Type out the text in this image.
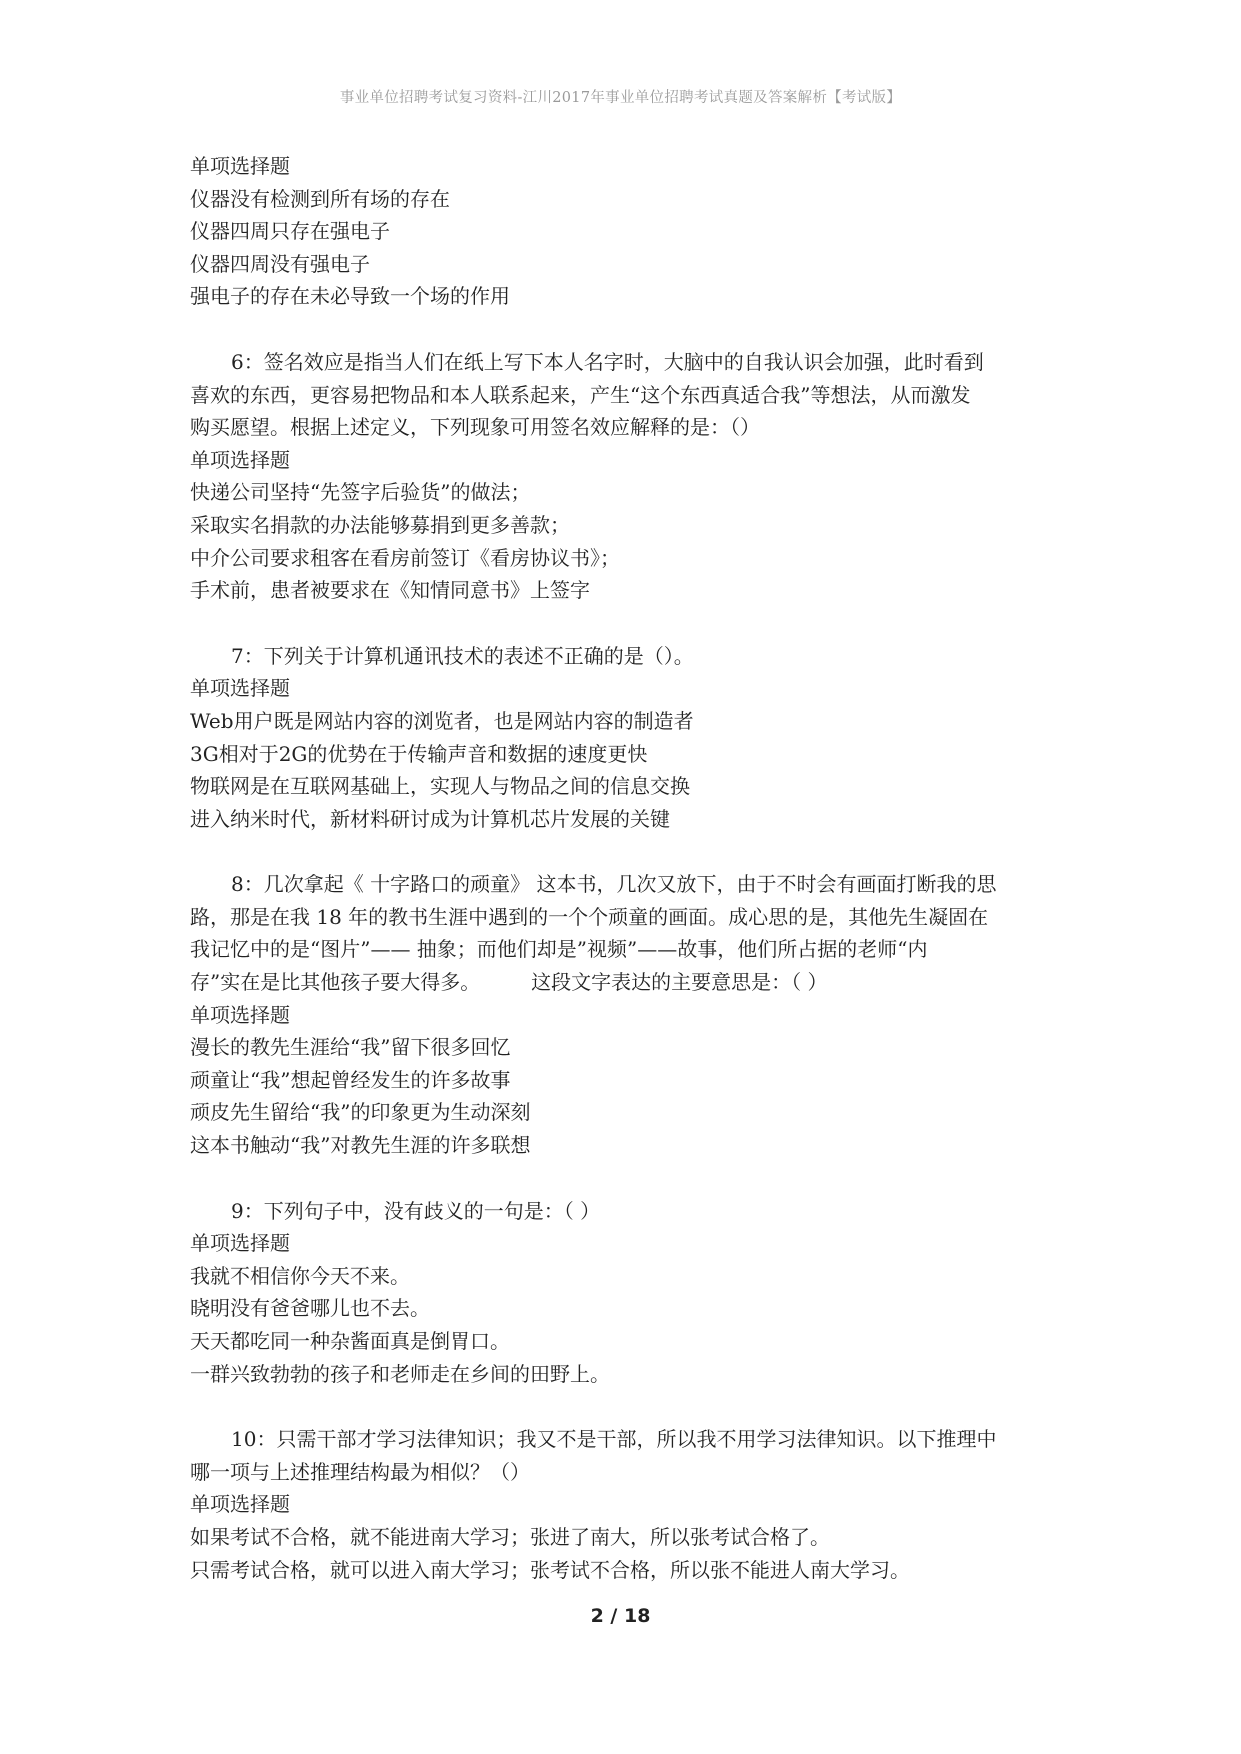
事业单位招聘考试复习资料-江川2017年事业单位招聘考试真题及答案解析【考试版】
单项选择题
仪器没有检测到所有场的存在
仪器四周只存在强电子
仪器四周没有强电子
强电子的存在未必导致一个场的作用
6：签名效应是指当人们在纸上写下本人名字时，大脑中的自我认识会加强，此时看到
喜欢的东西，更容易把物品和本人联系起来，产生“这个东西真适合我”等想法，从而激发
购买愿望。根据上述定义，下列现象可用签名效应解释的是：（）
单项选择题
快递公司坚持“先签字后验货”的做法；
采取实名捐款的办法能够募捐到更多善款；
中介公司要求租客在看房前签订《看房协议书》；
手术前，患者被要求在《知情同意书》上签字
7：下列关于计算机通讯技术的表述不正确的是（）。
单项选择题
Web用户既是网站内容的浏览者，也是网站内容的制造者
3G相对于2G的优势在于传输声音和数据的速度更快
物联网是在互联网基础上，实现人与物品之间的信息交换
进入纳米时代，新材料研讨成为计算机芯片发展的关键
8：几次拿起《 十字路口的顽童》 这本书，几次又放下，由于不时会有画面打断我的思
路，那是在我 18 年的教书生涯中遇到的一个个顽童的画面。成心思的是，其他先生凝固在
我记忆中的是“图片”—— 抽象；而他们却是”视频”——故事，他们所占据的老师“内
存”实在是比其他孩子要大得多。        这段文字表达的主要意思是：（ ）
单项选择题
漫长的教先生涯给“我”留下很多回忆
顽童让“我”想起曾经发生的许多故事
顽皮先生留给“我”的印象更为生动深刻
这本书触动“我”对教先生涯的许多联想
9：下列句子中，没有歧义的一句是：（ ）
单项选择题
我就不相信你今天不来。
晓明没有爸爸哪儿也不去。
天天都吃同一种杂酱面真是倒胃口。
一群兴致勃勃的孩子和老师走在乡间的田野上。
10：只需干部才学习法律知识；我又不是干部，所以我不用学习法律知识。以下推理中
哪一项与上述推理结构最为相似？（）
单项选择题
如果考试不合格，就不能进南大学习；张进了南大，所以张考试合格了。
只需考试合格，就可以进入南大学习；张考试不合格，所以张不能进人南大学习。
2 / 18
